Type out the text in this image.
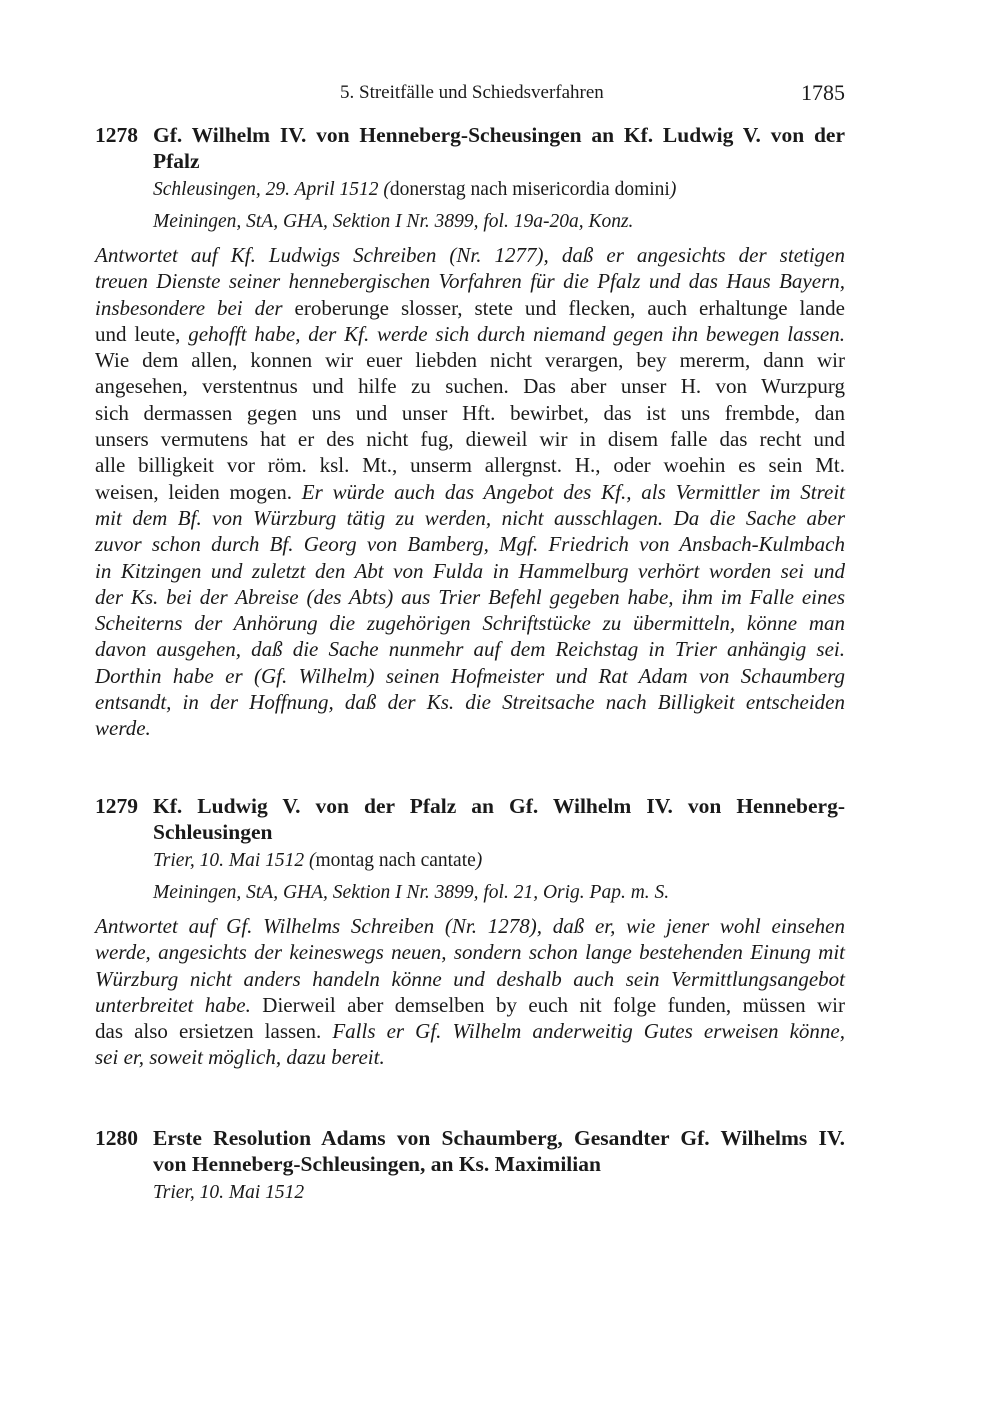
5. Streitfälle und Schiedsverfahren	1785
1278 Gf. Wilhelm IV. von Henneberg-Scheusingen an Kf. Ludwig V. von der
Pfalz
Schleusingen, 29. April 1512 (donerstag nach misericordia domini)
Meiningen, StA, GHA, Sektion I Nr. 3899, fol. 19a-20a, Konz.
Antwortet auf Kf. Ludwigs Schreiben (Nr. 1277), daß er angesichts der stetigen
treuen Dienste seiner hennebergischen Vorfahren für die Pfalz und das Haus Bayern,
insbesondere bei der eroberunge slosser, stete und flecken, auch erhaltunge lande
und leute, gehofft habe, der Kf. werde sich durch niemand gegen ihn bewegen lassen.
Wie dem allen, konnen wir euer liebden nicht verargen, bey mererm, dann wir
angesehen, verstentnus und hilfe zu suchen. Das aber unser H. von Wurzpurg
sich dermassen gegen uns und unser Hft. bewirbet, das ist uns frembde, dan
unsers vermutens hat er des nicht fug, dieweil wir in disem falle das recht und
alle billigkeit vor röm. ksl. Mt., unserm allergnst. H., oder woehin es sein Mt.
weisen, leiden mogen. Er würde auch das Angebot des Kf., als Vermittler im Streit
mit dem Bf. von Würzburg tätig zu werden, nicht ausschlagen. Da die Sache aber
zuvor schon durch Bf. Georg von Bamberg, Mgf. Friedrich von Ansbach-Kulmbach
in Kitzingen und zuletzt den Abt von Fulda in Hammelburg verhört worden sei und
der Ks. bei der Abreise (des Abts) aus Trier Befehl gegeben habe, ihm im Falle eines
Scheiterns der Anhörung die zugehörigen Schriftstücke zu übermitteln, könne man
davon ausgehen, daß die Sache nunmehr auf dem Reichstag in Trier anhängig sei.
Dorthin habe er (Gf. Wilhelm) seinen Hofmeister und Rat Adam von Schaumberg
entsandt, in der Hoffnung, daß der Ks. die Streitsache nach Billigkeit entscheiden
werde.
1279 Kf. Ludwig V. von der Pfalz an Gf. Wilhelm IV. von Henneberg-
Schleusingen
Trier, 10. Mai 1512 (montag nach cantate)
Meiningen, StA, GHA, Sektion I Nr. 3899, fol. 21, Orig. Pap. m. S.
Antwortet auf Gf. Wilhelms Schreiben (Nr. 1278), daß er, wie jener wohl einsehen
werde, angesichts der keineswegs neuen, sondern schon lange bestehenden Einung mit
Würzburg nicht anders handeln könne und deshalb auch sein Vermittlungsangebot
unterbreitet habe. Dierweil aber demselben by euch nit folge funden, müssen wir
das also ersietzen lassen. Falls er Gf. Wilhelm anderweitig Gutes erweisen könne,
sei er, soweit möglich, dazu bereit.
1280 Erste Resolution Adams von Schaumberg, Gesandter Gf. Wilhelms IV.
von Henneberg-Schleusingen, an Ks. Maximilian
Trier, 10. Mai 1512
